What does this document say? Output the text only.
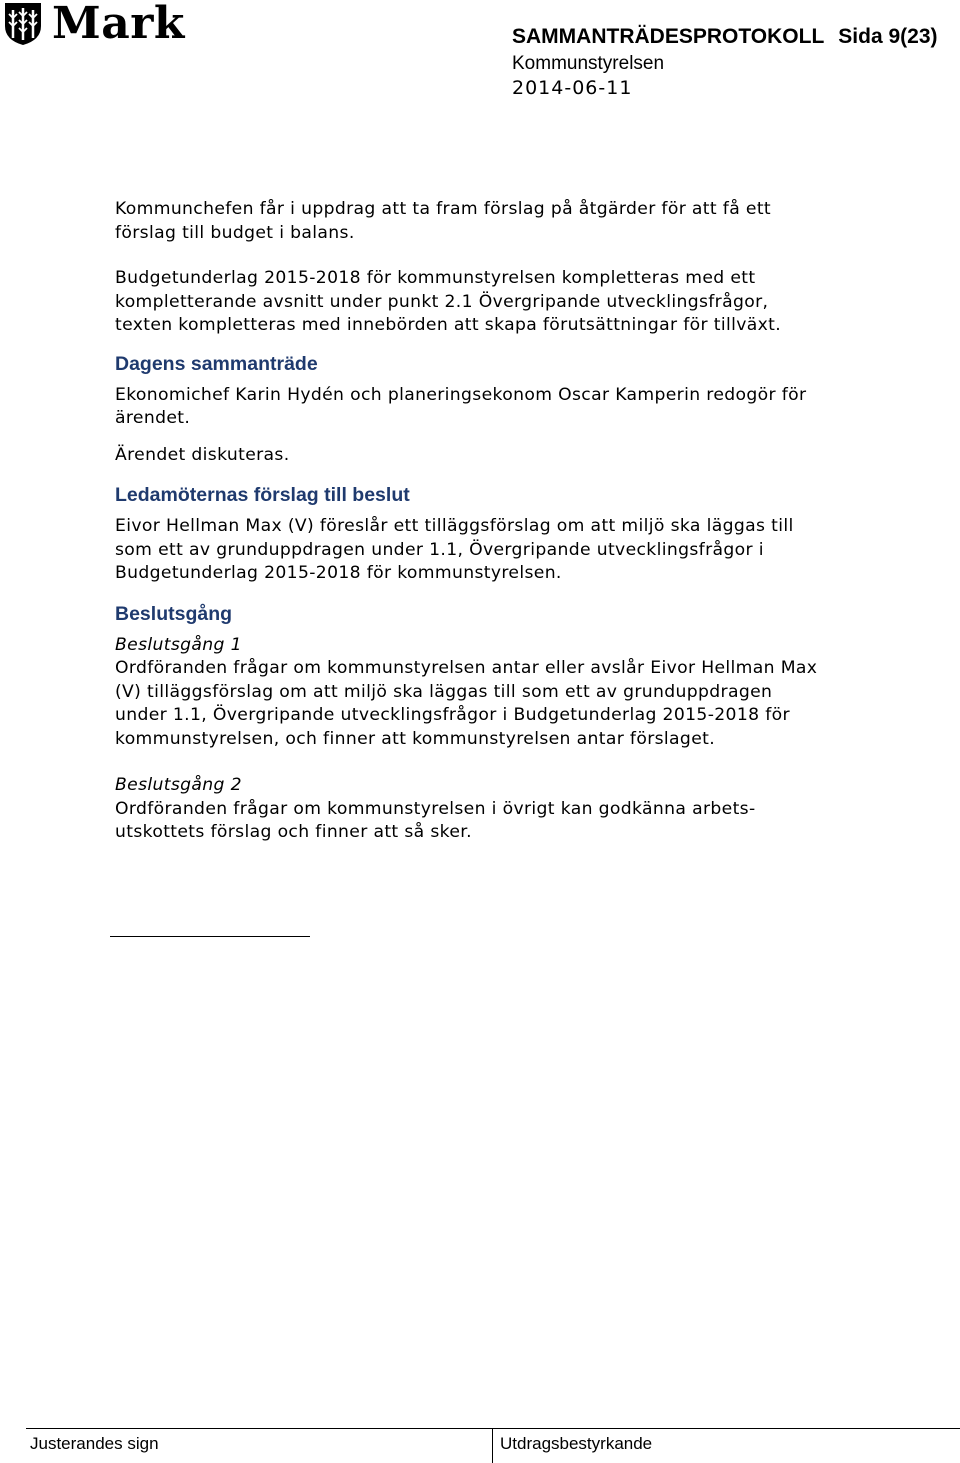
Mark	SAMMANTRÄDESPROTOKOLL Sida 9(23)
Kommunstyrelsen
2014-06-11

Kommunchefen får i uppdrag att ta fram förslag på åtgärder för att få ett
förslag till budget i balans.

Budgetunderlag 2015-2018 för kommunstyrelsen kompletteras med ett
kompletterande avsnitt under punkt 2.1 Övergripande utvecklingsfrågor,
texten kompletteras med innebörden att skapa förutsättningar för tillväxt.

Dagens sammanträde

Ekonomichef Karin Hydén och planeringsekonom Oscar Kamperin redogör för
ärendet.

Ärendet diskuteras.

Ledamöternas förslag till beslut

Eivor Hellman Max (V) föreslår ett tilläggsförslag om att miljö ska läggas till
som ett av grunduppdragen under 1.1, Övergripande utvecklingsfrågor i
Budgetunderlag 2015-2018 för kommunstyrelsen.

Beslutsgång

Beslutsgång 1

Ordföranden frågar om kommunstyrelsen antar eller avslår Eivor Hellman Max
(V) tilläggsförslag om att miljö ska läggas till som ett av grunduppdragen
under 1.1, Övergripande utvecklingsfrågor i Budgetunderlag 2015-2018 för
kommunstyrelsen, och finner att kommunstyrelsen antar förslaget.

Beslutsgång 2

Ordföranden frågar om kommunstyrelsen i övrigt kan godkänna arbets-
utskottets förslag och finner att så sker.

Justerandes sign	Utdragsbestyrkande
